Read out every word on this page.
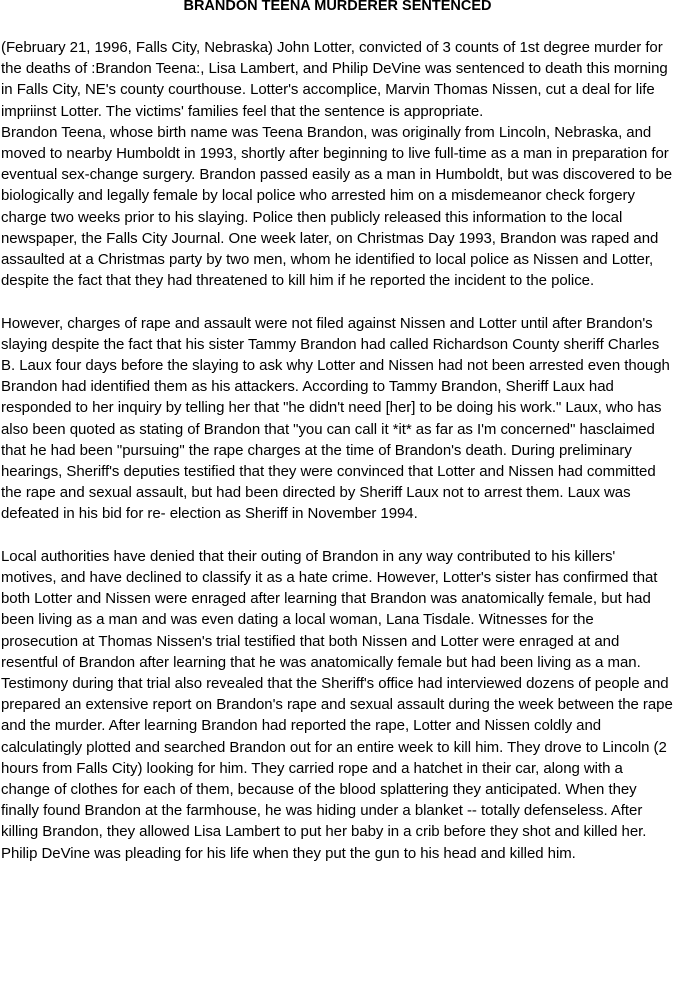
BRANDON TEENA MURDERER SENTENCED

(February 21, 1996, Falls City, Nebraska) John Lotter, convicted of 3 counts of 1st degree murder for the deaths of :Brandon Teena:, Lisa Lambert, and Philip DeVine was sentenced to death this morning in Falls City, NE's county courthouse. Lotter's accomplice, Marvin Thomas Nissen, cut a deal for life impriinst Lotter. The victims' families feel that the sentence is appropriate.

Brandon Teena, whose birth name was Teena Brandon, was originally from Lincoln, Nebraska, and moved to nearby Humboldt in 1993, shortly after beginning to live full-time as a man in preparation for eventual sex-change surgery. Brandon passed easily as a man in Humboldt, but was discovered to be biologically and legally female by local police who arrested him on a misdemeanor check forgery charge two weeks prior to his slaying. Police then publicly released this information to the local newspaper, the Falls City Journal. One week later, on Christmas Day 1993, Brandon was raped and assaulted at a Christmas party by two men, whom he identified to local police as Nissen and Lotter, despite the fact that they had threatened to kill him if he reported the incident to the police.

However, charges of rape and assault were not filed against Nissen and Lotter until after Brandon's slaying despite the fact that his sister Tammy Brandon had called Richardson County sheriff Charles B. Laux four days before the slaying to ask why Lotter and Nissen had not been arrested even though Brandon had identified them as his attackers. According to Tammy Brandon, Sheriff Laux had responded to her inquiry by telling her that "he didn't need [her] to be doing his work." Laux, who has also been quoted as stating of Brandon that "you can call it *it* as far as I'm concerned" hasclaimed that he had been "pursuing" the rape charges at the time of Brandon's death. During preliminary hearings, Sheriff's deputies testified that they were convinced that Lotter and Nissen had committed the rape and sexual assault, but had been directed by Sheriff Laux not to arrest them. Laux was defeated in his bid for re- election as Sheriff in November 1994.

Local authorities have denied that their outing of Brandon in any way contributed to his killers' motives, and have declined to classify it as a hate crime. However, Lotter's sister has confirmed that both Lotter and Nissen were enraged after learning that Brandon was anatomically female, but had been living as a man and was even dating a local woman, Lana Tisdale. Witnesses for the prosecution at Thomas Nissen's trial testified that both Nissen and Lotter were enraged at and resentful of Brandon after learning that he was anatomically female but had been living as a man. Testimony during that trial also revealed that the Sheriff's office had interviewed dozens of people and prepared an extensive report on Brandon's rape and sexual assault during the week between the rape and the murder. After learning Brandon had reported the rape, Lotter and Nissen coldly and calculatingly plotted and searched Brandon out for an entire week to kill him. They drove to Lincoln (2 hours from Falls City) looking for him. They carried rope and a hatchet in their car, along with a change of clothes for each of them, because of the blood splattering they anticipated. When they finally found Brandon at the farmhouse, he was hiding under a blanket -- totally defenseless. After killing Brandon, they allowed Lisa Lambert to put her baby in a crib before they shot and killed her. Philip DeVine was pleading for his life when they put the gun to his head and killed him.
